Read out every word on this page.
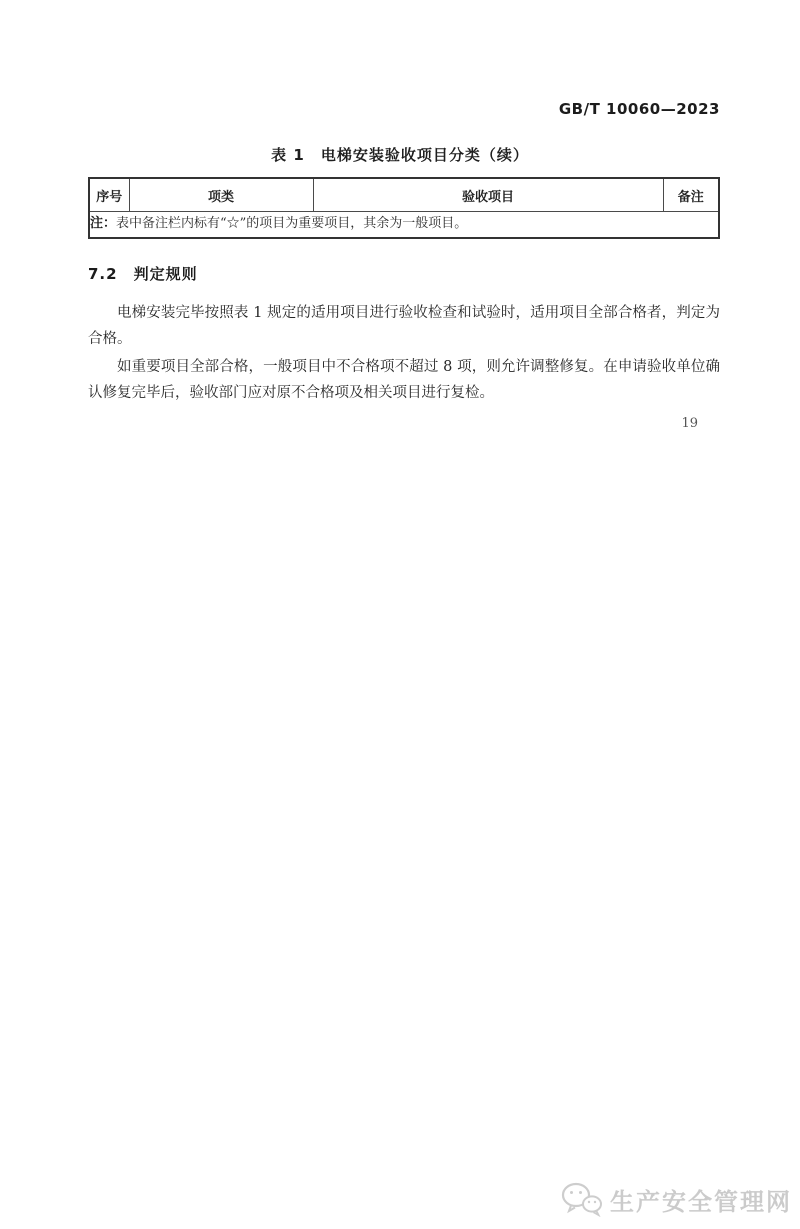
GB/T 10060—2023
表 1　电梯安装验收项目分类（续）
序号	项类	验收项目	备注
注：表中备注栏内标有“☆”的项目为重要项目，其余为一般项目。
7.2　判定规则
电梯安装完毕按照表 1 规定的适用项目进行验收检查和试验时，适用项目全部合格者，判定为合格。
如重要项目全部合格，一般项目中不合格项不超过 8 项，则允许调整修复。在申请验收单位确认修复完毕后，验收部门应对原不合格项及相关项目进行复检。
19
生产安全管理网
